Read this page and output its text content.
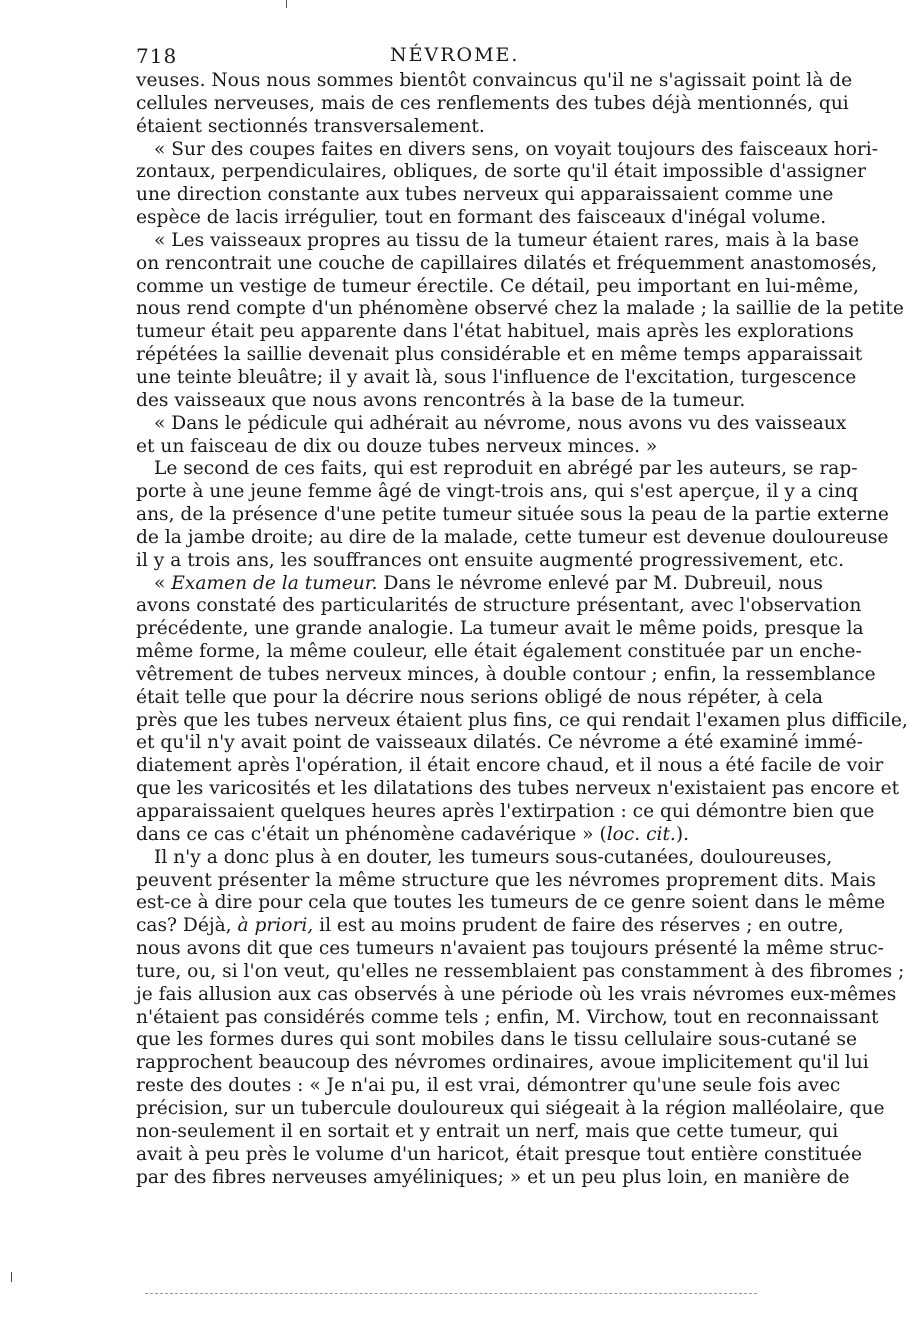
718	NÉVROME.
veuses. Nous nous sommes bientôt convaincus qu'il ne s'agissait point là de
cellules nerveuses, mais de ces renflements des tubes déjà mentionnés, qui
étaient sectionnés transversalement.
« Sur des coupes faites en divers sens, on voyait toujours des faisceaux hori-
zontaux, perpendiculaires, obliques, de sorte qu'il était impossible d'assigner
une direction constante aux tubes nerveux qui apparaissaient comme une
espèce de lacis irrégulier, tout en formant des faisceaux d'inégal volume.
« Les vaisseaux propres au tissu de la tumeur étaient rares, mais à la base
on rencontrait une couche de capillaires dilatés et fréquemment anastomosés,
comme un vestige de tumeur érectile. Ce détail, peu important en lui-même,
nous rend compte d'un phénomène observé chez la malade ; la saillie de la petite
tumeur était peu apparente dans l'état habituel, mais après les explorations
répétées la saillie devenait plus considérable et en même temps apparaissait
une teinte bleuâtre; il y avait là, sous l'influence de l'excitation, turgescence
des vaisseaux que nous avons rencontrés à la base de la tumeur.
« Dans le pédicule qui adhérait au névrome, nous avons vu des vaisseaux
et un faisceau de dix ou douze tubes nerveux minces. »
Le second de ces faits, qui est reproduit en abrégé par les auteurs, se rap-
porte à une jeune femme âgé de vingt-trois ans, qui s'est aperçue, il y a cinq
ans, de la présence d'une petite tumeur située sous la peau de la partie externe
de la jambe droite; au dire de la malade, cette tumeur est devenue douloureuse
il y a trois ans, les souffrances ont ensuite augmenté progressivement, etc.
« Examen de la tumeur. Dans le névrome enlevé par M. Dubreuil, nous
avons constaté des particularités de structure présentant, avec l'observation
précédente, une grande analogie. La tumeur avait le même poids, presque la
même forme, la même couleur, elle était également constituée par un enche-
vêtrement de tubes nerveux minces, à double contour ; enfin, la ressemblance
était telle que pour la décrire nous serions obligé de nous répéter, à cela
près que les tubes nerveux étaient plus fins, ce qui rendait l'examen plus difficile,
et qu'il n'y avait point de vaisseaux dilatés. Ce névrome a été examiné immé-
diatement après l'opération, il était encore chaud, et il nous a été facile de voir
que les varicosités et les dilatations des tubes nerveux n'existaient pas encore et
apparaissaient quelques heures après l'extirpation : ce qui démontre bien que
dans ce cas c'était un phénomène cadavérique » (loc. cit.).
Il n'y a donc plus à en douter, les tumeurs sous-cutanées, douloureuses,
peuvent présenter la même structure que les névromes proprement dits. Mais
est-ce à dire pour cela que toutes les tumeurs de ce genre soient dans le même
cas? Déjà, à priori, il est au moins prudent de faire des réserves ; en outre,
nous avons dit que ces tumeurs n'avaient pas toujours présenté la même struc-
ture, ou, si l'on veut, qu'elles ne ressemblaient pas constamment à des fibromes ;
je fais allusion aux cas observés à une période où les vrais névromes eux-mêmes
n'étaient pas considérés comme tels ; enfin, M. Virchow, tout en reconnaissant
que les formes dures qui sont mobiles dans le tissu cellulaire sous-cutané se
rapprochent beaucoup des névromes ordinaires, avoue implicitement qu'il lui
reste des doutes : « Je n'ai pu, il est vrai, démontrer qu'une seule fois avec
précision, sur un tubercule douloureux qui siégeait à la région malléolaire, que
non-seulement il en sortait et y entrait un nerf, mais que cette tumeur, qui
avait à peu près le volume d'un haricot, était presque tout entière constituée
par des fibres nerveuses amyéliniques; » et un peu plus loin, en manière de
